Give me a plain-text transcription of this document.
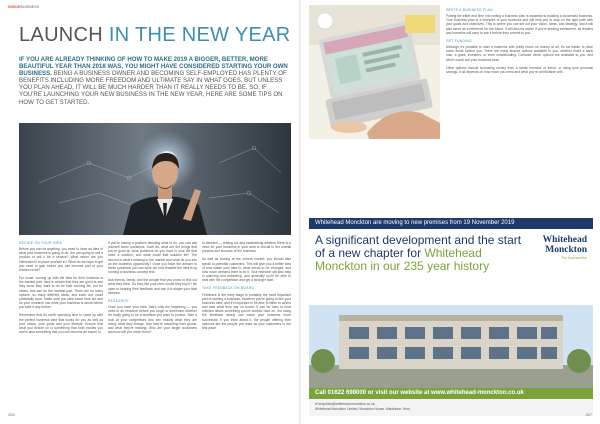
INSIDEBUSINESS
LAUNCH IN THE NEW YEAR
IF YOU ARE ALREADY THINKING OF HOW TO MAKE 2019 A BIGGER, BETTER, MORE BEAUTIFUL YEAR THAN 2018 WAS, YOU MIGHT HAVE CONSIDERED STARTING YOUR OWN BUSINESS. BEING A BUSINESS OWNER AND BECOMING SELF-EMPLOYED HAS PLENTY OF BENEFITS INCLUDING MORE FREEDOM AND ULTIMATE SAY IN WHAT GOES, BUT UNLESS YOU PLAN AHEAD, IT WILL BE MUCH HARDER THAN IT REALLY NEEDS TO BE. SO, IF YOU'RE LAUNCHING YOUR NEW BUSINESS IN THE NEW YEAR, HERE ARE SOME TIPS ON HOW TO GET STARTED.

DECIDE ON YOUR IDEA

Before you can do anything, you need to have an idea of what your business is going to do. Are you going to sell a product or will it be a service? What sector are you interested in to place yourself in? What do we hope to get you need to gain before you can become part of your chosen niche?

For some, coming up with the idea for their business is the easiest part; they're certain that they are good at and they know they want to do for their working life, but for others, this can be the hardest part. There are so many options, so many different ideas, and each one could potentially work. Make sure you take some time out and do your research into what your business is about before you take it any further.

Remember that it's worth spending time to come up with the perfect business idea that works for you as well as your vision, your goals and your lifestyle. Ensure that what you decide on is something that both excites you and is also something that you can become an expert in.

If you're having a problem deciding what to do, you can ask yourself some questions. Such as, what are the things that you're good at, what problems do you have in your life that need a solution, and what could that solution be? The second is what's missing in the market and what do you see as the business opportunity? Once you have the answer to these questions you can work out how feasible the idea is by running a business concept test.

Ask friends, family, and the people that you know to find out what they think. Do they like your idea, would they buy it? Be open to hearing their feedback and use it to shape your final decision.

RESEARCH

Once you have your idea, that's only the beginning — you need to do research before you begin to determine whether it's really going to be a business you want to pursue. Take a look at your competitors and see exactly what they are doing, what they charge, how they're marketing their goods, and what they're missing. Who are your target customers and how will you reach them?

to demand — testing out and establishing whether there is a need for your business in your area is crucial to the overall process and success of the business.

As well as looking at the current market, you should also speak to potential customers. This will give you a better idea of how viable your idea is, what needs to be changed, and how much demand there is for it. Your research will also help in planning and marketing, and generally you'll be able to deal with the competition and get a stronger start.

TAKE FEEDBACK ON BOARD

Feedback is the early stage is probably the most important part of starting a business. However you're going to like your business idea, and it's important to be able to listen to others and take what they say on board. It can be hard to hear criticism about something you've worked hard on, but using the feedback wisely can make your business more successful. If you think about it, the people offering their opinions are the people you want as your customers in the first place.

268

WRITE A BUSINESS PLAN

Putting the effort and time into writing a business plan is essential to building a successful business. Your business plan is a blueprint of your business and will help you to stay on the right path with your goals and objectives. This is where you can set out your vision, ideas, and strategy, and it will also serve as a reference for the future. It will also be useful if you're seeking investment, as lenders and investors will want to see it before they commit to you.

GET FUNDING

Although it's possible to start a business with pretty much no money at all, it's far easier to have some funds behind you. There are many finance options available to you, whether that's a bank loan, a grant, investors, or even crowdfunding. Consider which options are available to you, and which would suit your business best.

Other options include borrowing money from a family member or friend, or using your personal savings. It all depends on how much you need and what you're comfortable with.

Whitehead Monckton are moving to new premises from 19 November 2019
A significant development and the start of a new chapter for Whitehead Monckton in our 235 year history
Whitehead
Monckton
The Kent law firm
Call 01622 698000 or visit our website at www.whitehead-monckton.co.uk
✉ enquiries@whitehead-monckton.co.uk
Whitehead Monckton Limited, Monckton House, Maidstone, Kent
267
